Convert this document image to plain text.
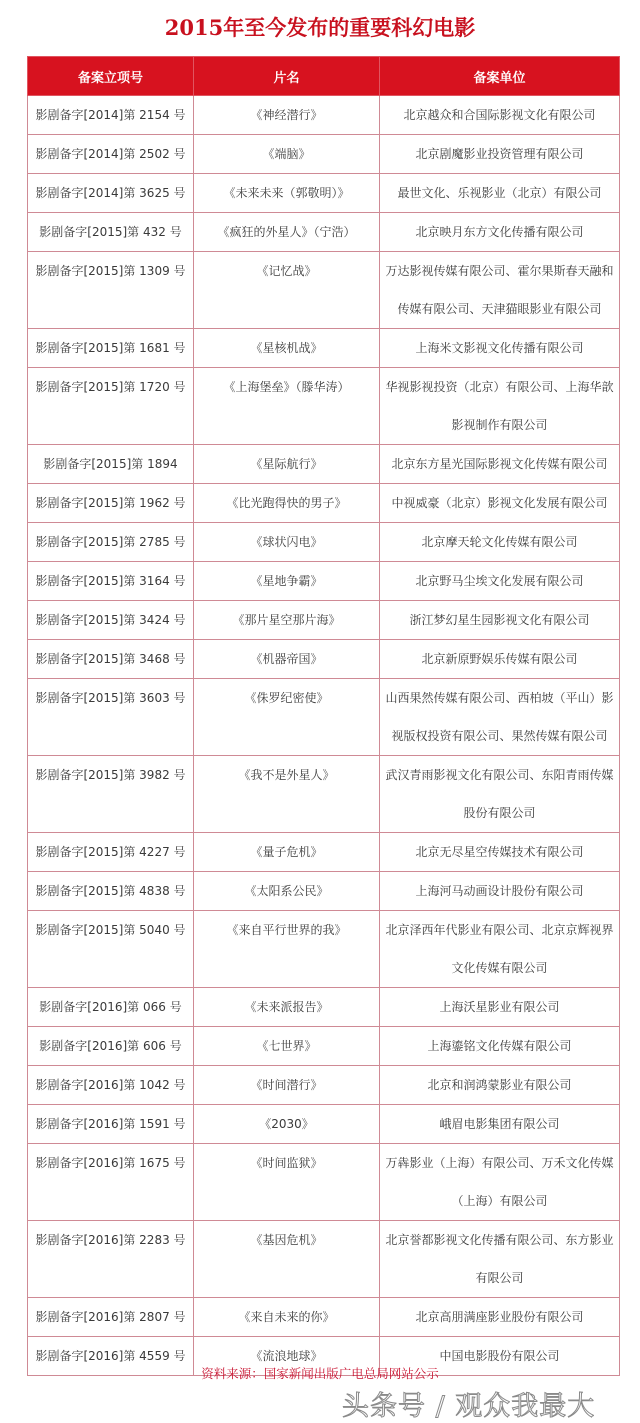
2015年至今发布的重要科幻电影
备案立项号	片名	备案单位
影剧备字[2014]第 2154 号	《神经潜行》	北京越众和合国际影视文化有限公司
影剧备字[2014]第 2502 号	《端脑》	北京剧魔影业投资管理有限公司
影剧备字[2014]第 3625 号	《未来未来（郭敬明）》	最世文化、乐视影业（北京）有限公司
影剧备字[2015]第 432 号	《疯狂的外星人》（宁浩）	北京映月东方文化传播有限公司
影剧备字[2015]第 1309 号	《记忆战》	万达影视传媒有限公司、霍尔果斯春天融和传媒有限公司、天津猫眼影业有限公司
影剧备字[2015]第 1681 号	《星核机战》	上海米文影视文化传播有限公司
影剧备字[2015]第 1720 号	《上海堡垒》（滕华涛）	华视影视投资（北京）有限公司、上海华歆影视制作有限公司
影剧备字[2015]第 1894	《星际航行》	北京东方星光国际影视文化传媒有限公司
影剧备字[2015]第 1962 号	《比光跑得快的男子》	中视威豪（北京）影视文化发展有限公司
影剧备字[2015]第 2785 号	《球状闪电》	北京摩天轮文化传媒有限公司
影剧备字[2015]第 3164 号	《星地争霸》	北京野马尘埃文化发展有限公司
影剧备字[2015]第 3424 号	《那片星空那片海》	浙江梦幻星生园影视文化有限公司
影剧备字[2015]第 3468 号	《机器帝国》	北京新原野娱乐传媒有限公司
影剧备字[2015]第 3603 号	《侏罗纪密使》	山西果然传媒有限公司、西柏坡（平山）影视版权投资有限公司、果然传媒有限公司
影剧备字[2015]第 3982 号	《我不是外星人》	武汉青雨影视文化有限公司、东阳青雨传媒股份有限公司
影剧备字[2015]第 4227 号	《量子危机》	北京无尽星空传媒技术有限公司
影剧备字[2015]第 4838 号	《太阳系公民》	上海河马动画设计股份有限公司
影剧备字[2015]第 5040 号	《来自平行世界的我》	北京泽西年代影业有限公司、北京京辉视界文化传媒有限公司
影剧备字[2016]第 066 号	《未来派报告》	上海沃星影业有限公司
影剧备字[2016]第 606 号	《七世界》	上海鎏铭文化传媒有限公司
影剧备字[2016]第 1042 号	《时间潜行》	北京和润鸿蒙影业有限公司
影剧备字[2016]第 1591 号	《2030》	峨眉电影集团有限公司
影剧备字[2016]第 1675 号	《时间监狱》	万犇影业（上海）有限公司、万禾文化传媒（上海）有限公司
影剧备字[2016]第 2283 号	《基因危机》	北京誉都影视文化传播有限公司、东方影业有限公司
影剧备字[2016]第 2807 号	《来自未来的你》	北京高朋满座影业股份有限公司
影剧备字[2016]第 4559 号	《流浪地球》	中国电影股份有限公司
资料来源：国家新闻出版广电总局网站公示
头条号 / 观众我最大
